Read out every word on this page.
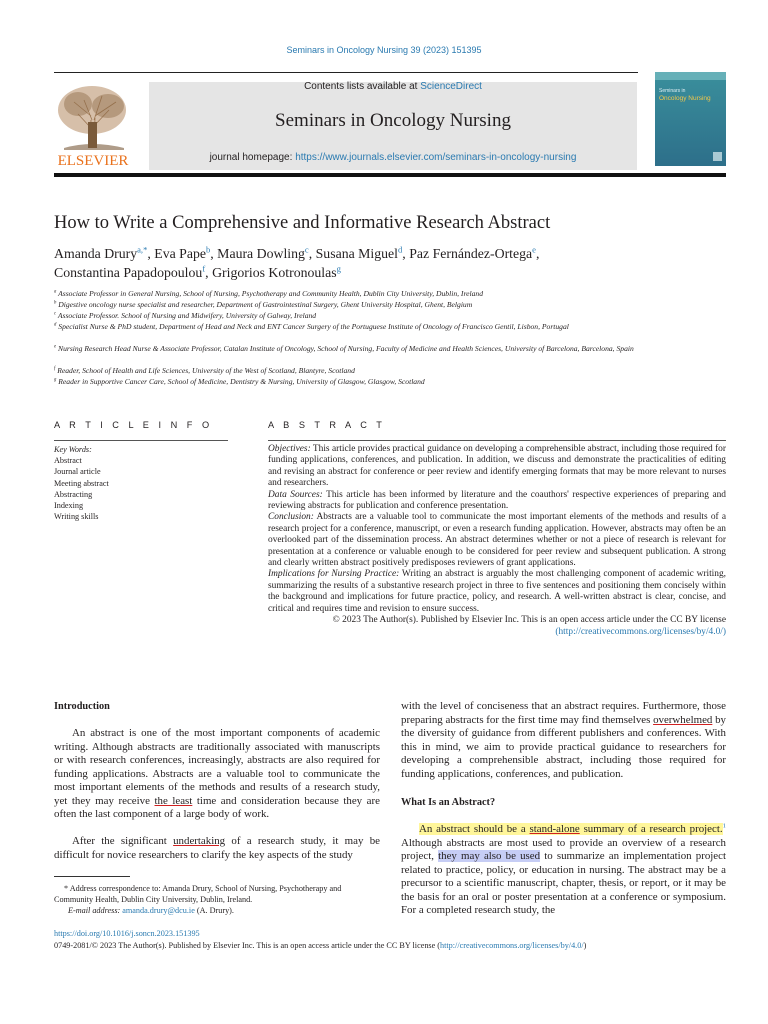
Seminars in Oncology Nursing 39 (2023) 151395
ELSEVIER
Contents lists available at ScienceDirect
Seminars in Oncology Nursing
journal homepage: https://www.journals.elsevier.com/seminars-in-oncology-nursing
Seminars in
Oncology Nursing
How to Write a Comprehensive and Informative Research Abstract
Amanda Drury$^{a,*}$, Eva Pape$^b$, Maura Dowling$^c$, Susana Miguel$^d$, Paz Fernández-Ortega$^e$,
Constantina Papadopoulou$^f$, Grigorios Kotronoulas$^g$
$^a$ Associate Professor in General Nursing, School of Nursing, Psychotherapy and Community Health, Dublin City University, Dublin, Ireland
$^b$ Digestive oncology nurse specialist and researcher, Department of Gastrointestinal Surgery, Ghent University Hospital, Ghent, Belgium
$^c$ Associate Professor. School of Nursing and Midwifery, University of Galway, Ireland
$^d$ Specialist Nurse & PhD student, Department of Head and Neck and ENT Cancer Surgery of the Portuguese Institute of Oncology of Francisco Gentil, Lisbon, Portugal
$^e$ Nursing Research Head Nurse & Associate Professor, Catalan Institute of Oncology, School of Nursing, Faculty of Medicine and Health Sciences, University of Barcelona, Barcelona, Spain
$^f$ Reader, School of Health and Life Sciences, University of the West of Scotland, Blantyre, Scotland
$^g$ Reader in Supportive Cancer Care, School of Medicine, Dentistry & Nursing, University of Glasgow, Glasgow, Scotland
A R T I C L E I N F O	A B S T R A C T
Key Words:
Abstract
Journal article
Meeting abstract
Abstracting
Indexing
Writing skills

Objectives: This article provides practical guidance on developing a comprehensible abstract, including those required for funding applications, conferences, and publication. In addition, we discuss and demonstrate the practicalities of editing and revising an abstract for conference or peer review and identify emerging formats that may be more relevant to nurses and researchers.

Data Sources: This article has been informed by literature and the coauthors' respective experiences of preparing and reviewing abstracts for publication and conference presentation.

Conclusion: Abstracts are a valuable tool to communicate the most important elements of the methods and results of a research project for a conference, manuscript, or even a research funding application. However, abstracts may often be an overlooked part of the dissemination process. An abstract determines whether or not a piece of research is relevant for presentation at a conference or valuable enough to be considered for peer review and subsequent publication. A strong and clearly written abstract positively predisposes reviewers of grant applications.

Implications for Nursing Practice: Writing an abstract is arguably the most challenging component of academic writing, summarizing the results of a substantive research project in three to five sentences and positioning them concisely within the background and implications for future practice, policy, and research. A well-written abstract is clear, concise, and critical and requires time and revision to ensure success.

© 2023 The Author(s). Published by Elsevier Inc. This is an open access article under the CC BY license

(http://creativecommons.org/licenses/by/4.0/)

Introduction
An abstract is one of the most important components of academic writing. Although abstracts are traditionally associated with manuscripts or with research conferences, increasingly, abstracts are also required for funding applications. Abstracts are a valuable tool to communicate the most important elements of the methods and results of a research study, yet they may receive the least time and consideration because they are often the last component of a large body of work.
After the significant undertaking of a research study, it may be difficult for novice researchers to clarify the key aspects of the study
with the level of conciseness that an abstract requires. Furthermore, those preparing abstracts for the first time may find themselves overwhelmed by the diversity of guidance from different publishers and conferences. With this in mind, we aim to provide practical guidance to researchers for developing a comprehensible abstract, including those required for funding applications, conferences, and publication.
What Is an Abstract?
An abstract should be a stand-alone summary of a research project.$^1$ Although abstracts are most used to provide an overview of a research project, they may also be used to summarize an implementation project related to practice, policy, or education in nursing. The abstract may be a precursor to a scientific manuscript, chapter, thesis, or report, or it may be the basis for an oral or poster presentation at a conference or symposium. For a completed research study, the
* Address correspondence to: Amanda Drury, School of Nursing, Psychotherapy and Community Health, Dublin City University, Dublin, Ireland.
E-mail address: amanda.drury@dcu.ie (A. Drury).
https://doi.org/10.1016/j.soncn.2023.151395
0749-2081/© 2023 The Author(s). Published by Elsevier Inc. This is an open access article under the CC BY license (http://creativecommons.org/licenses/by/4.0/)
